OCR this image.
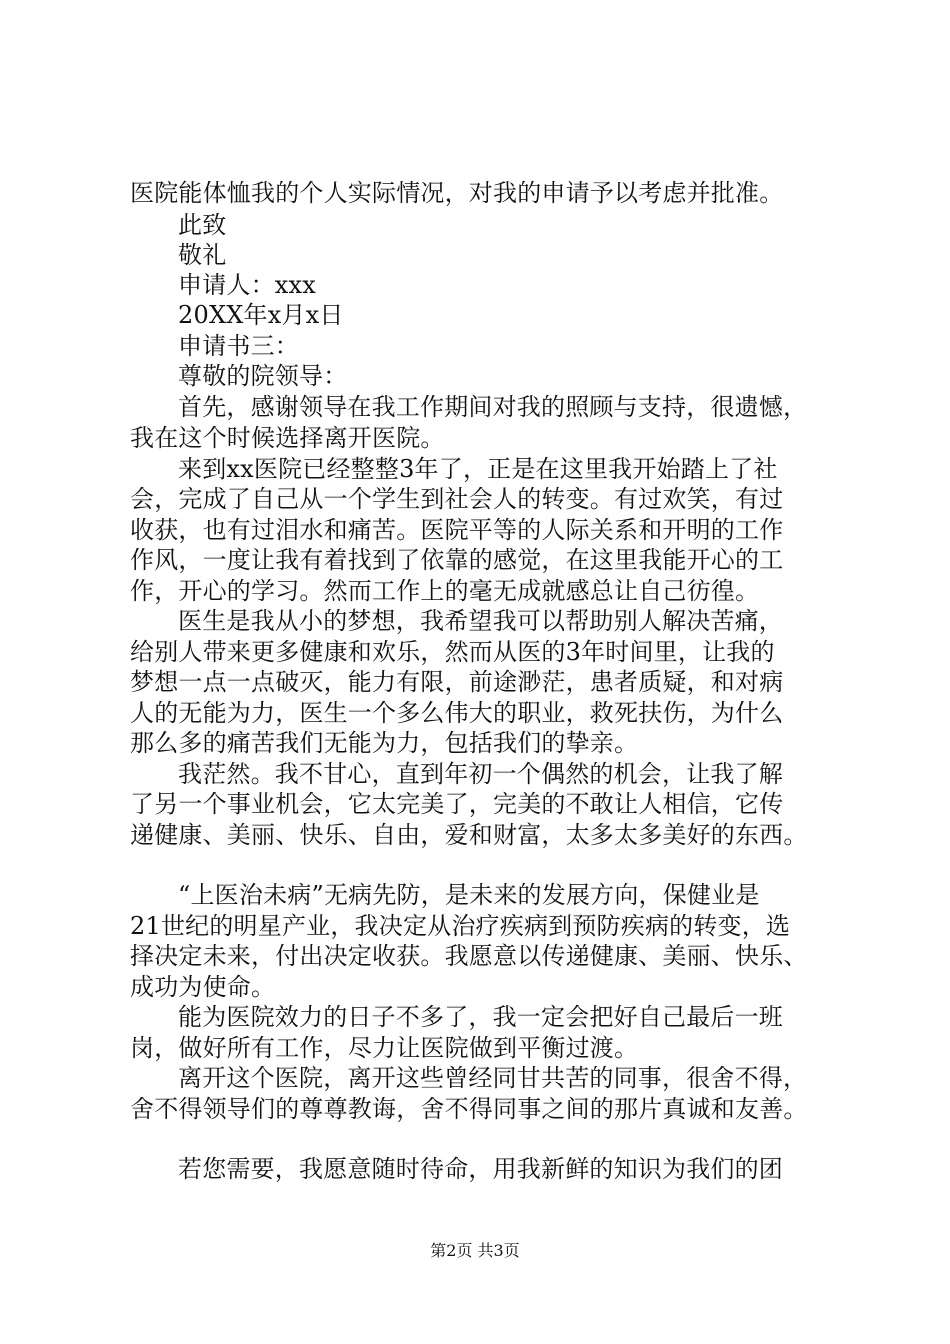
医院能体恤我的个人实际情况，对我的申请予以考虑并批准。
此致
敬礼
申请人：xxx
20XX年x月x日
申请书三：
尊敬的院领导：
首先，感谢领导在我工作期间对我的照顾与支持，很遗憾，
我在这个时候选择离开医院。
来到xx医院已经整整3年了，正是在这里我开始踏上了社
会，完成了自己从一个学生到社会人的转变。有过欢笑，有过
收获，也有过泪水和痛苦。医院平等的人际关系和开明的工作
作风，一度让我有着找到了依靠的感觉，在这里我能开心的工
作，开心的学习。然而工作上的毫无成就感总让自己彷徨。
医生是我从小的梦想，我希望我可以帮助别人解决苦痛，
给别人带来更多健康和欢乐，然而从医的3年时间里，让我的
梦想一点一点破灭，能力有限，前途渺茫，患者质疑，和对病
人的无能为力，医生一个多么伟大的职业，救死扶伤，为什么
那么多的痛苦我们无能为力，包括我们的挚亲。
我茫然。我不甘心，直到年初一个偶然的机会，让我了解
了另一个事业机会，它太完美了，完美的不敢让人相信，它传
递健康、美丽、快乐、自由，爱和财富，太多太多美好的东西。
“上医治未病”无病先防，是未来的发展方向，保健业是
21世纪的明星产业，我决定从治疗疾病到预防疾病的转变，选
择决定未来，付出决定收获。我愿意以传递健康、美丽、快乐、
成功为使命。
能为医院效力的日子不多了，我一定会把好自己最后一班
岗，做好所有工作，尽力让医院做到平衡过渡。
离开这个医院，离开这些曾经同甘共苦的同事，很舍不得，
舍不得领导们的尊尊教诲，舍不得同事之间的那片真诚和友善。
若您需要，我愿意随时待命，用我新鲜的知识为我们的团
第2页 共3页
